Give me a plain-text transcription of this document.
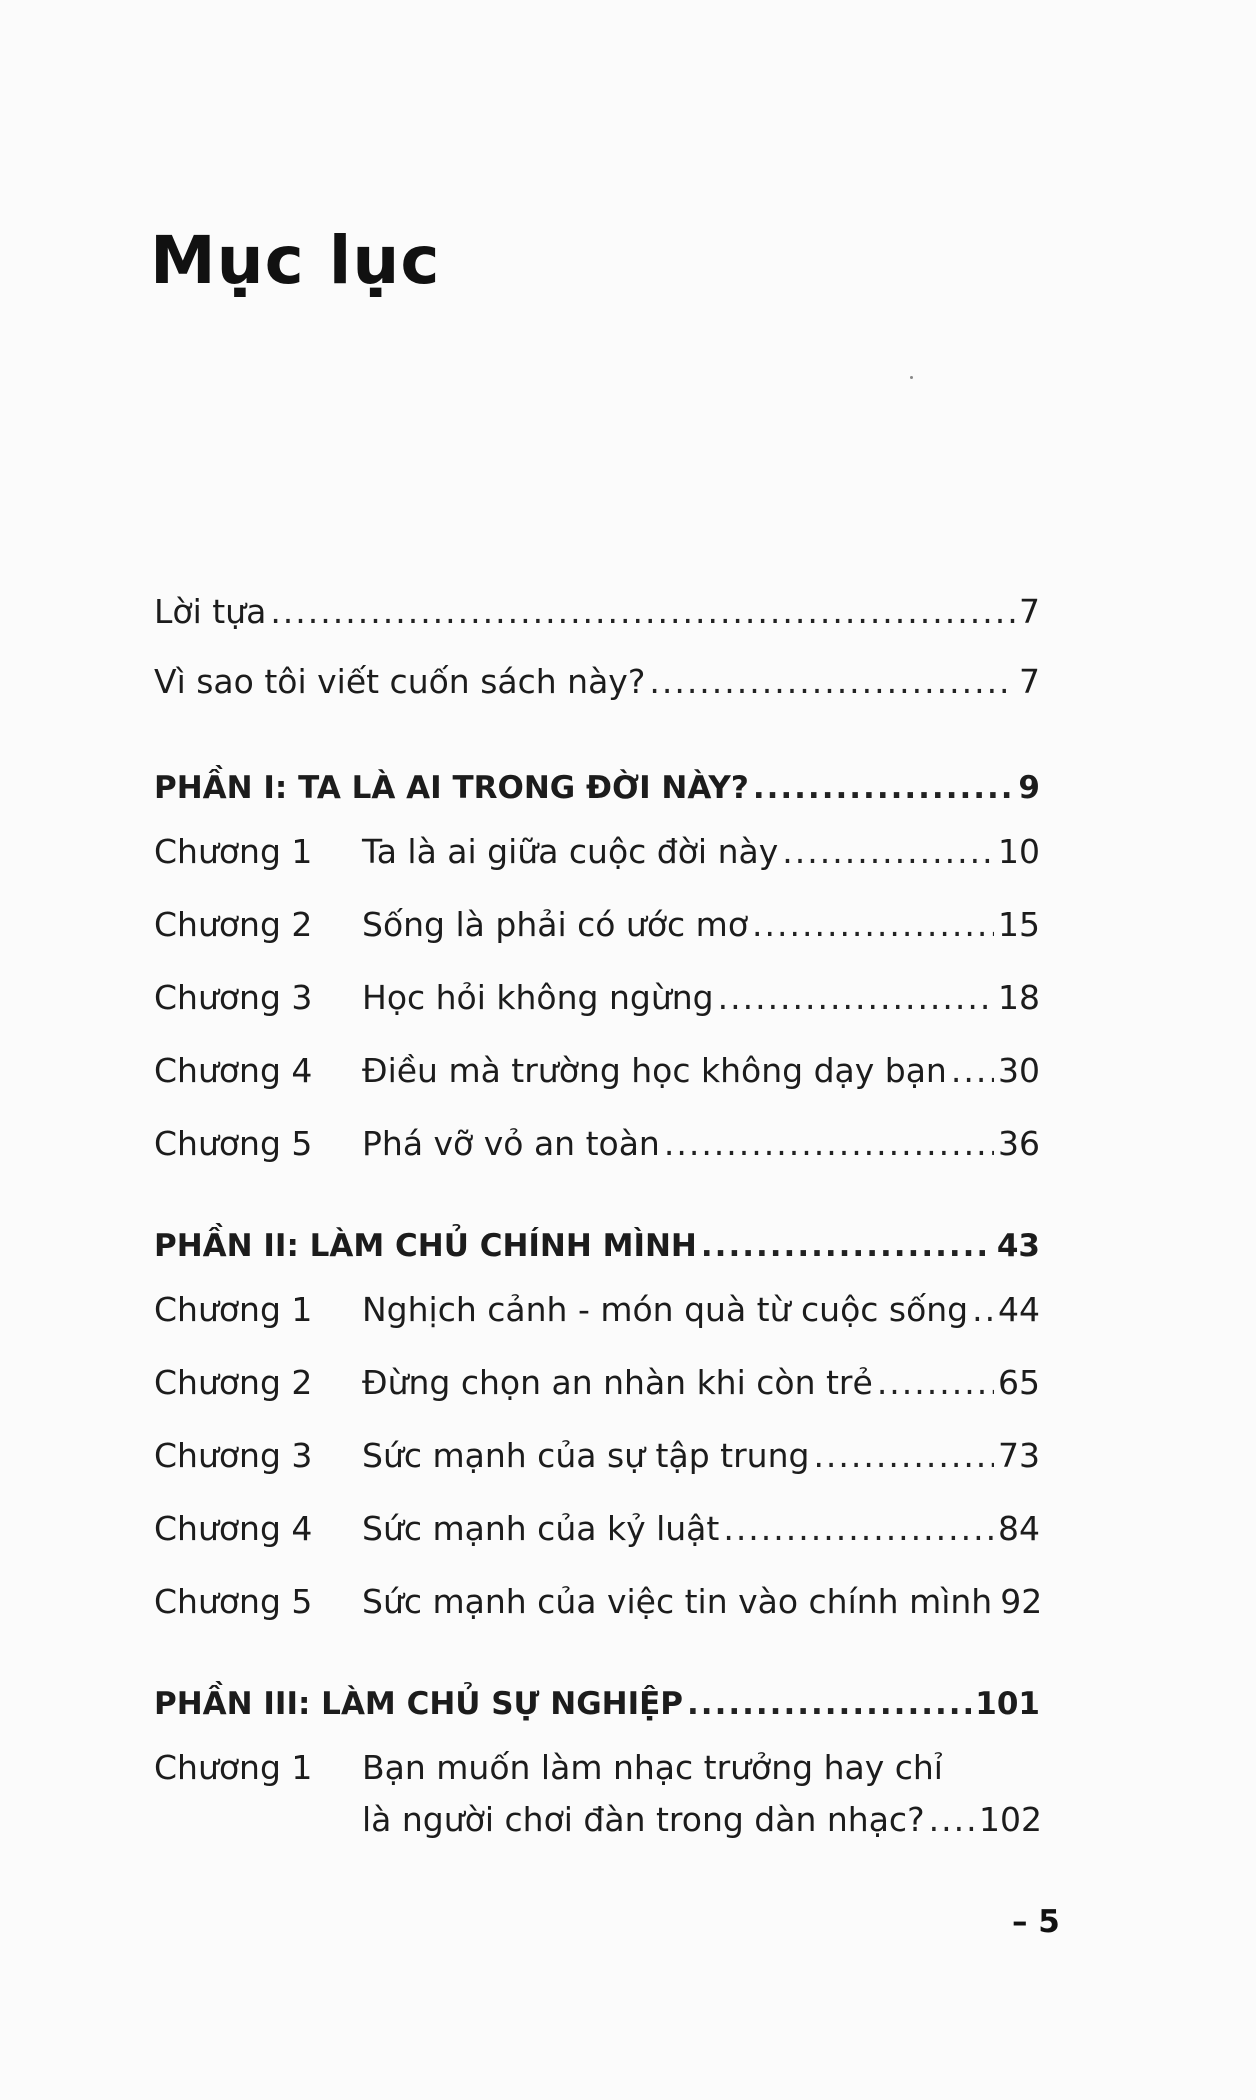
Mục lục
Lời tựa .....	7
Vì sao tôi viết cuốn sách này? .....	7
PHẦN I: TA LÀ AI TRONG ĐỜI NÀY? .....	9
Chương 1	Ta là ai giữa cuộc đời này .....	10
Chương 2	Sống là phải có ước mơ .....	15
Chương 3	Học hỏi không ngừng .....	18
Chương 4	Điều mà trường học không dạy bạn ..... 30
Chương 5	Phá vỡ vỏ an toàn .....	36
PHẦN II: LÀM CHỦ CHÍNH MÌNH .....	43
Chương 1	Nghịch cảnh - món quà từ cuộc sống ..... 44
Chương 2	Đừng chọn an nhàn khi còn trẻ .....	65
Chương 3	Sức mạnh của sự tập trung .....	73
Chương 4	Sức mạnh của kỷ luật .....	84
Chương 5	Sức mạnh của việc tin vào chính mình 92
PHẦN III: LÀM CHỦ SỰ NGHIỆP .....	101
Chương 1	Bạn muốn làm nhạc trưởng hay chỉ
là người chơi đàn trong dàn nhạc? ..... 102
– 5
